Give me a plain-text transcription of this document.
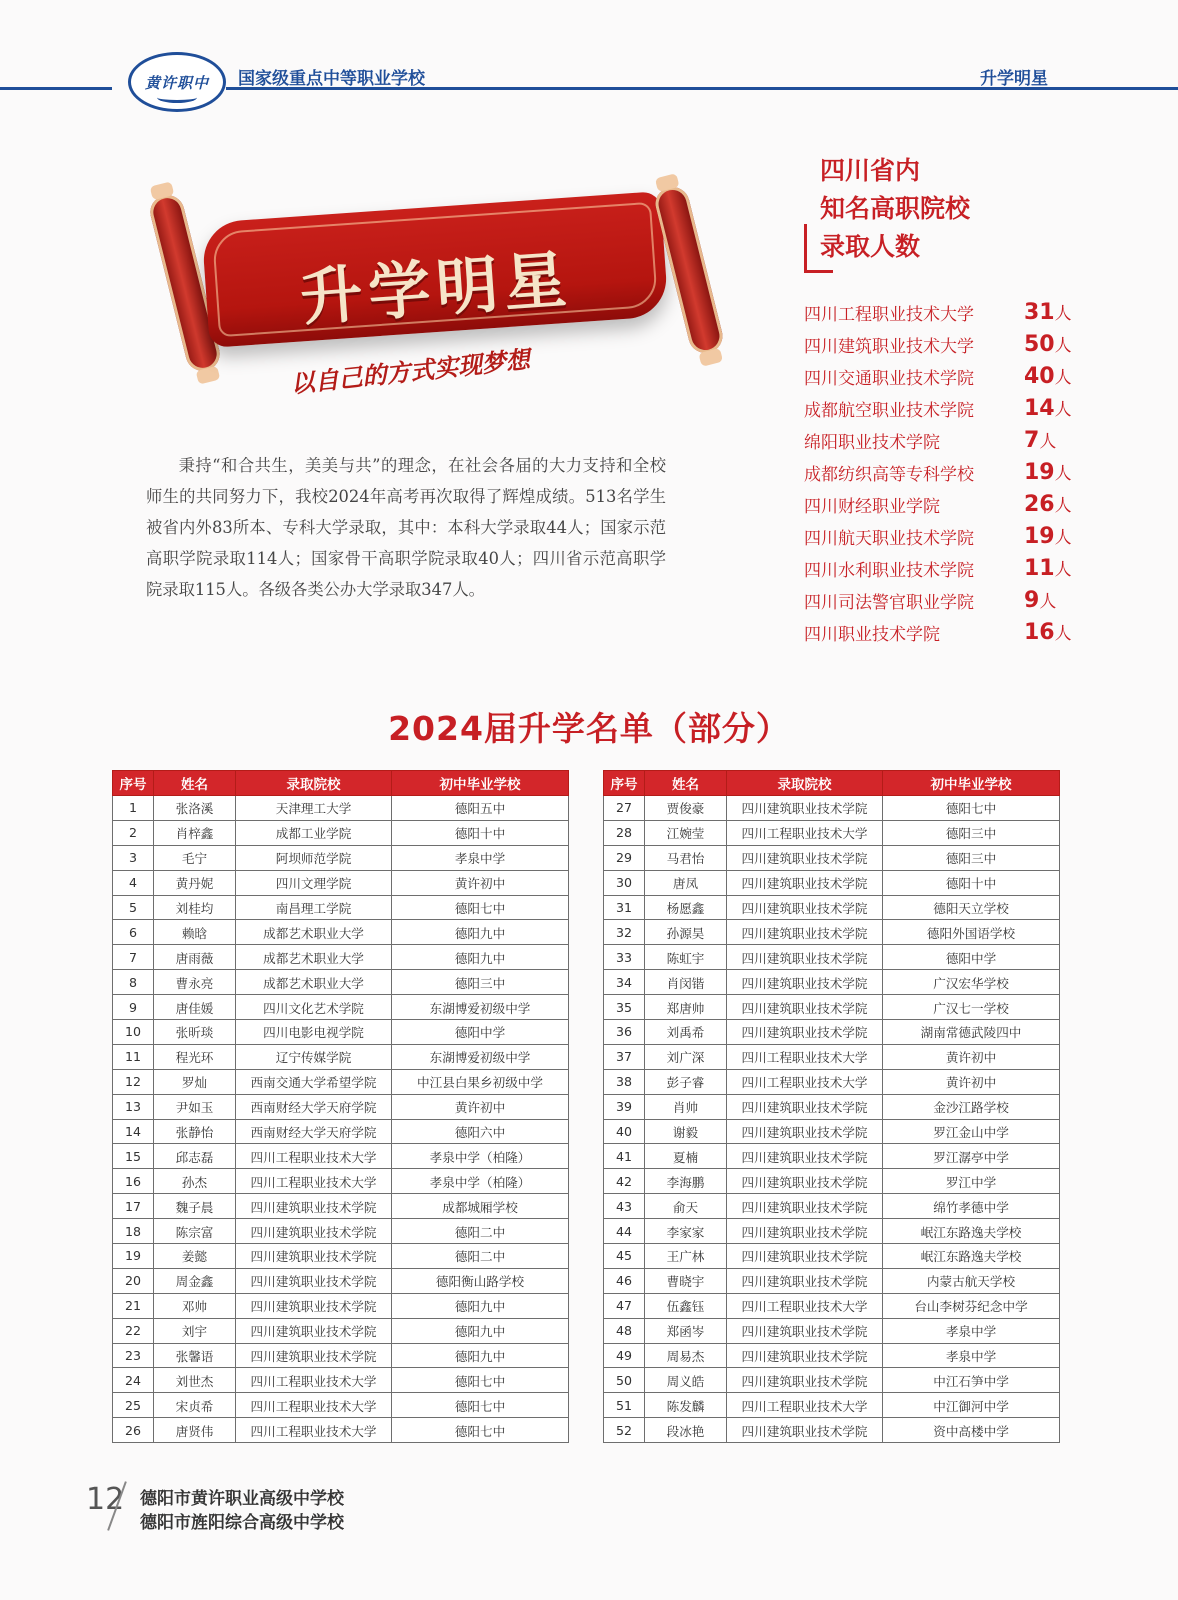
黄许职中 国家级重点中等职业学校	升学明星
升学明星
以自己的方式实现梦想

秉持“和合共生，美美与共”的理念，在社会各届的大力支持和全校师生的共同努力下，我校2024年高考再次取得了辉煌成绩。513名学生被省内外83所本、专科大学录取，其中：本科大学录取44人；国家示范高职学院录取114人；国家骨干高职学院录取40人；四川省示范高职学院录取115人。各级各类公办大学录取347人。

四川省内
知名高职院校
录取人数
四川工程职业技术大学 31人
四川建筑职业技术大学 50人
四川交通职业技术学院 40人
成都航空职业技术学院 14人
绵阳职业技术学院	7人
成都纺织高等专科学校 19人
四川财经职业学院	26人
四川航天职业技术学院 19人
四川水利职业技术学院 11人
四川司法警官职业学院 9人
四川职业技术学院	16人
2024届升学名单（部分）
序号	姓名	录取院校	初中毕业学校
1	张洛溪	天津理工大学	德阳五中
2	肖梓鑫	成都工业学院	德阳十中
3	毛宁	阿坝师范学院	孝泉中学
4	黄丹妮	四川文理学院	黄许初中
5	刘桂均	南昌理工学院	德阳七中
6	赖晗	成都艺术职业大学	德阳九中
7	唐雨薇	成都艺术职业大学	德阳九中
8	曹永亮	成都艺术职业大学	德阳三中
9	唐佳媛	四川文化艺术学院	东湖博爱初级中学
10	张昕琰	四川电影电视学院	德阳中学
11	程光环	辽宁传媒学院	东湖博爱初级中学
12	罗灿	西南交通大学希望学院	中江县白果乡初级中学
13	尹如玉	西南财经大学天府学院	黄许初中
14	张静怡	西南财经大学天府学院	德阳六中
15	邱志磊	四川工程职业技术大学	孝泉中学（柏隆）
16	孙杰	四川工程职业技术大学	孝泉中学（柏隆）
17	魏子晨	四川建筑职业技术学院	成都城厢学校
18	陈宗富	四川建筑职业技术学院	德阳二中
19	姜懿	四川建筑职业技术学院	德阳二中
20	周金鑫	四川建筑职业技术学院	德阳衡山路学校
21	邓帅	四川建筑职业技术学院	德阳九中
22	刘宇	四川建筑职业技术学院	德阳九中
23	张馨语	四川建筑职业技术学院	德阳九中
24	刘世杰	四川工程职业技术大学	德阳七中
25	宋贞希	四川工程职业技术大学	德阳七中
26	唐贤伟	四川工程职业技术大学	德阳七中
序号	姓名	录取院校	初中毕业学校
27	贾俊豪	四川建筑职业技术学院	德阳七中
28	江婉莹	四川工程职业技术大学	德阳三中
29	马君怡	四川建筑职业技术学院	德阳三中
30	唐凤	四川建筑职业技术学院	德阳十中
31	杨愿鑫	四川建筑职业技术学院	德阳天立学校
32	孙源昊	四川建筑职业技术学院	德阳外国语学校
33	陈虹宇	四川建筑职业技术学院	德阳中学
34	肖闵锴	四川建筑职业技术学院	广汉宏华学校
35	郑唐帅	四川建筑职业技术学院	广汉七一学校
36	刘禹希	四川建筑职业技术学院	湖南常德武陵四中
37	刘广深	四川工程职业技术大学	黄许初中
38	彭子睿	四川工程职业技术大学	黄许初中
39	肖帅	四川建筑职业技术学院	金沙江路学校
40	谢毅	四川建筑职业技术学院	罗江金山中学
41	夏楠	四川建筑职业技术学院	罗江潺亭中学
42	李海鹏	四川建筑职业技术学院	罗江中学
43	俞天	四川建筑职业技术学院	绵竹孝德中学
44	李家家	四川建筑职业技术学院	岷江东路逸夫学校
45	王广林	四川建筑职业技术学院	岷江东路逸夫学校
46	曹晓宇	四川建筑职业技术学院	内蒙古航天学校
47	伍鑫钰	四川工程职业技术大学	台山李树芬纪念中学
48	郑函岑	四川建筑职业技术学院	孝泉中学
49	周易杰	四川建筑职业技术学院	孝泉中学
50	周义皓	四川建筑职业技术学院	中江石笋中学
51	陈发麟	四川工程职业技术大学	中江御河中学
52	段冰艳	四川建筑职业技术学院	资中高楼中学
12 德阳市黄许职业高级中学校
德阳市旌阳综合高级中学校
